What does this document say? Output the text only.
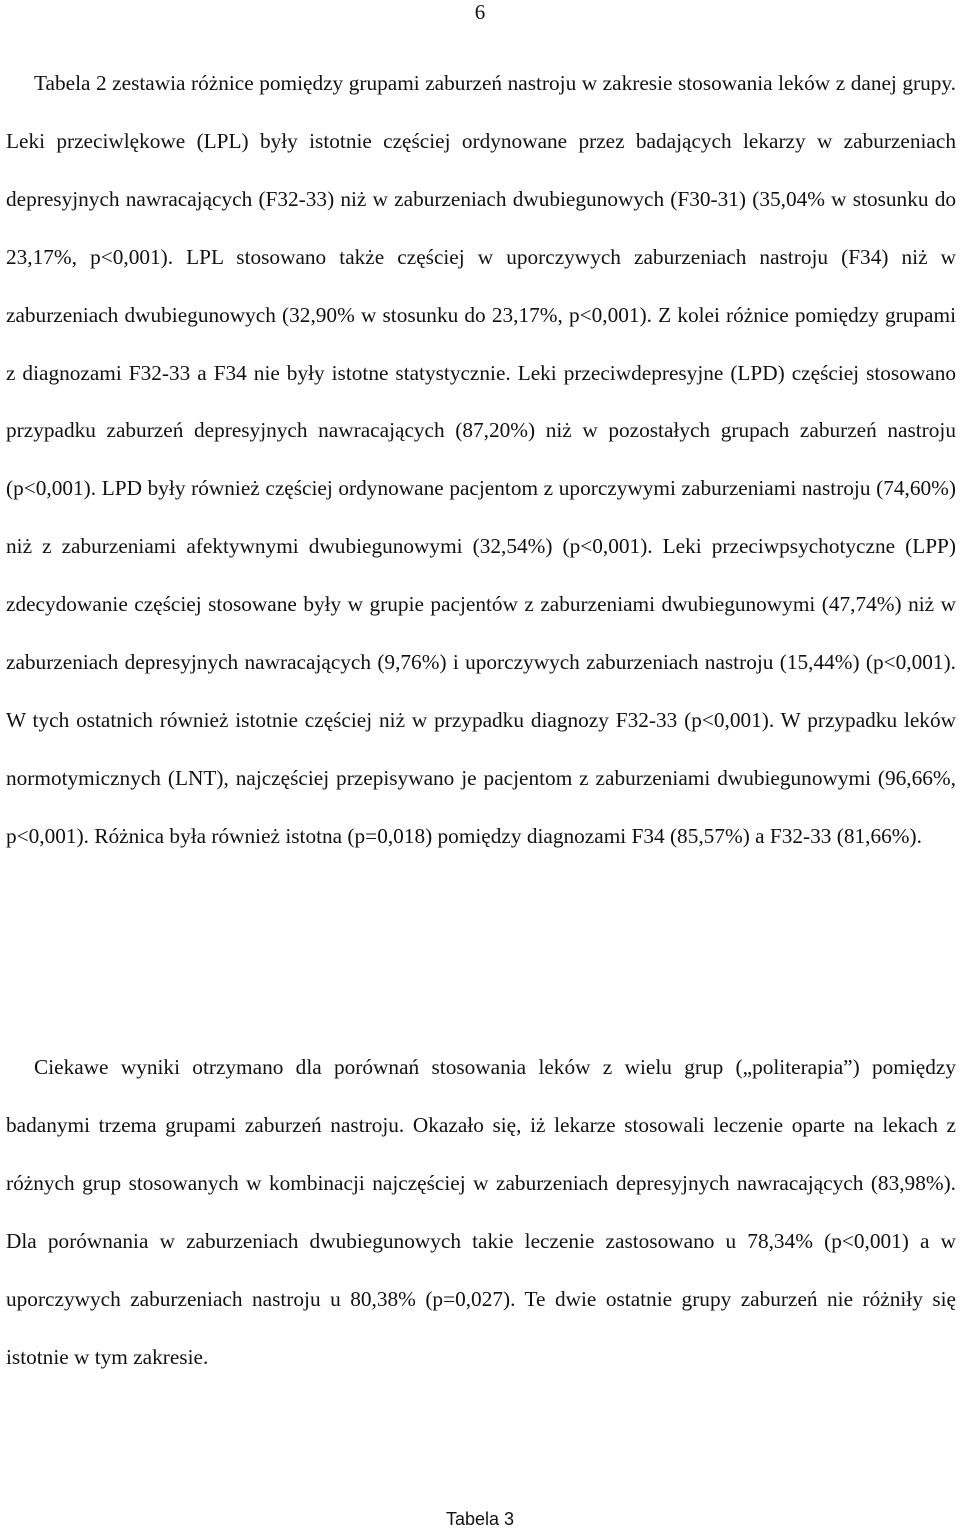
6

Tabela 2 zestawia różnice pomiędzy grupami zaburzeń nastroju w zakresie stosowania leków z danej grupy. Leki przeciwlękowe (LPL) były istotnie częściej ordynowane przez badających lekarzy w zaburzeniach depresyjnych nawracających (F32-33) niż w zaburzeniach dwubiegunowych (F30-31) (35,04% w stosunku do 23,17%, p<0,001). LPL stosowano także częściej w uporczywych zaburzeniach nastroju (F34) niż w zaburzeniach dwubiegunowych (32,90% w stosunku do 23,17%, p<0,001). Z kolei różnice pomiędzy grupami z diagnozami F32-33 a F34 nie były istotne statystycznie. Leki przeciwdepresyjne (LPD) częściej stosowano przypadku zaburzeń depresyjnych nawracających (87,20%) niż w pozostałych grupach zaburzeń nastroju (p<0,001). LPD były również częściej ordynowane pacjentom z uporczywymi zaburzeniami nastroju (74,60%) niż z zaburzeniami afektywnymi dwubiegunowymi (32,54%) (p<0,001). Leki przeciwpsychotyczne (LPP) zdecydowanie częściej stosowane były w grupie pacjentów z zaburzeniami dwubiegunowymi (47,74%) niż w zaburzeniach depresyjnych nawracających (9,76%) i uporczywych zaburzeniach nastroju (15,44%) (p<0,001). W tych ostatnich również istotnie częściej niż w przypadku diagnozy F32-33 (p<0,001). W przypadku leków normotymicznych (LNT), najczęściej przepisywano je pacjentom z zaburzeniami dwubiegunowymi (96,66%, p<0,001). Różnica była również istotna (p=0,018) pomiędzy diagnozami F34 (85,57%) a F32-33 (81,66%).

Ciekawe wyniki otrzymano dla porównań stosowania leków z wielu grup („politerapia”) pomiędzy badanymi trzema grupami zaburzeń nastroju. Okazało się, iż lekarze stosowali leczenie oparte na lekach z różnych grup stosowanych w kombinacji najczęściej w zaburzeniach depresyjnych nawracających (83,98%). Dla porównania w zaburzeniach dwubiegunowych takie leczenie zastosowano u 78,34% (p<0,001) a w uporczywych zaburzeniach nastroju u 80,38% (p=0,027). Te dwie ostatnie grupy zaburzeń nie różniły się istotnie w tym zakresie.

Tabela 3
